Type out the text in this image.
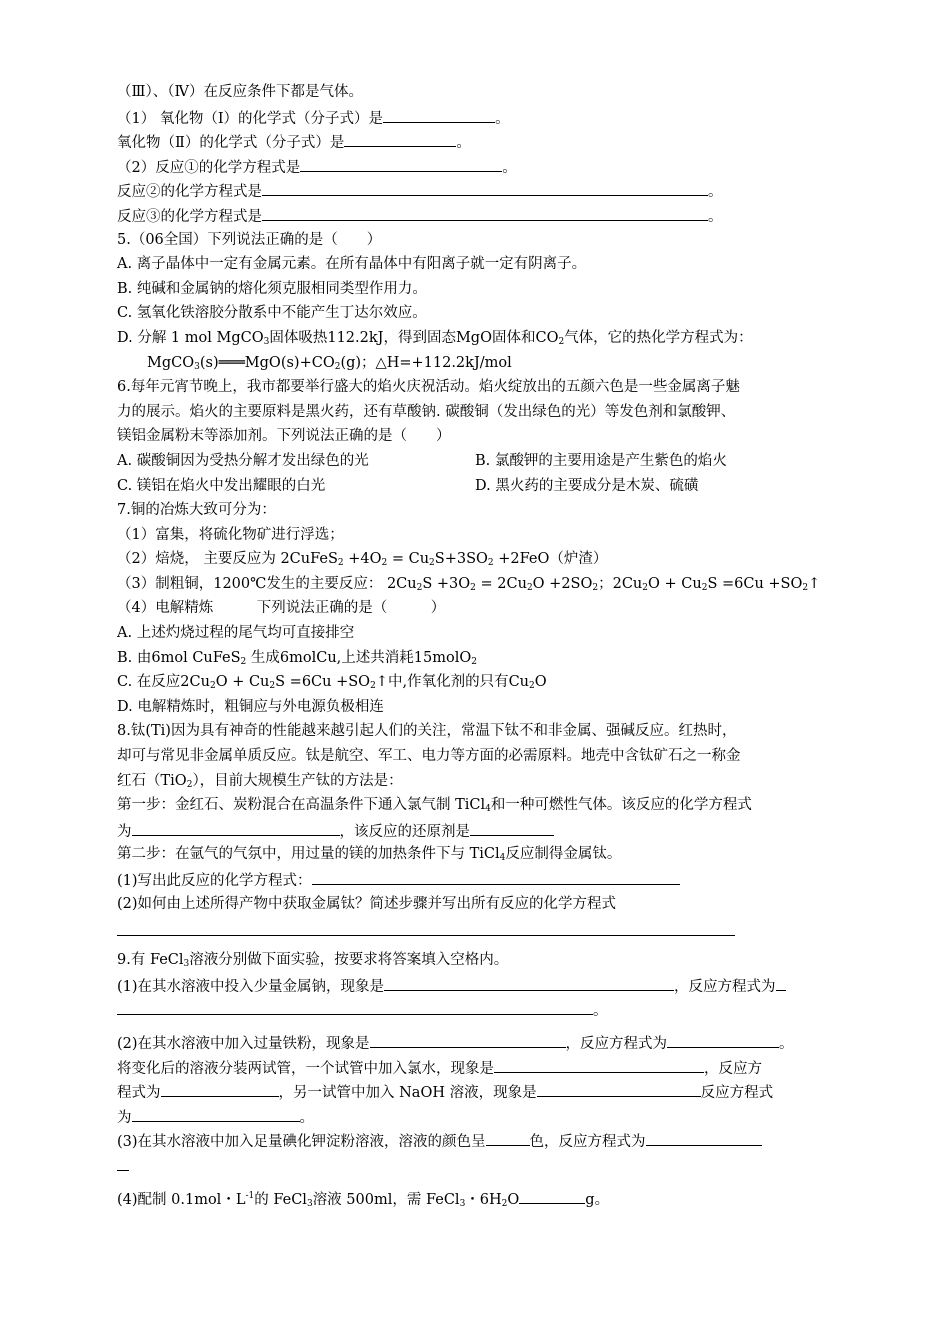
（Ⅲ）、（Ⅳ）在反应条件下都是气体。
（1） 氧化物（Ⅰ）的化学式（分子式）是	。
氧化物（Ⅱ）的化学式（分子式）是	。
（2）反应①的化学方程式是	。
反应②的化学方程式是	。
反应③的化学方程式是	。
5.（06全国）下列说法正确的是（　　）
A. 离子晶体中一定有金属元素。在所有晶体中有阳离子就一定有阴离子。
B. 纯碱和金属钠的熔化须克服相同类型作用力。
C. 氢氧化铁溶胶分散系中不能产生丁达尔效应。
D. 分解 1 mol MgCO$_3$固体吸热112.2kJ，得到固态MgO固体和$CO_2$气体，它的热化学方程式为：
$MgCO_3(s)═══MgO(s)+CO_2(g)$；△H=+112.2kJ/mol
6.每年元宵节晚上，我市都要举行盛大的焰火庆祝活动。焰火绽放出的五颜六色是一些金属离子魅
力的展示。焰火的主要原料是黑火药，还有草酸钠. 碳酸铜（发出绿色的光）等发色剂和氯酸钾、
镁铝金属粉末等添加剂。下列说法正确的是（　　）
A. 碳酸铜因为受热分解才发出绿色的光	B. 氯酸钾的主要用途是产生紫色的焰火
C. 镁铝在焰火中发出耀眼的白光	D. 黑火药的主要成分是木炭、硫磺
7.铜的冶炼大致可分为：
（1）富集，将硫化物矿进行浮选；
（2）焙烧， 主要反应为 2CuFeS$_2$ $+4O_2 = Cu_2S+3SO_2 +2FeO$（炉渣）
（3）制粗铜，1200℃发生的主要反应： $2Cu_2S +3O_2 = 2Cu_2O +2SO_2$；$2Cu_2O + Cu_2S =6Cu$ $+SO_2↑$
（4）电解精炼　　　下列说法正确的是（　　　）
A. 上述灼烧过程的尾气均可直接排空
B. 由6mol CuFeS$_2$ 生成6molCu,上述共消耗15molO$_2$
C. 在反应$2Cu_2O + Cu_2S =6Cu$ $+SO_2↑$中,作氧化剂的只有$Cu_2O$
D. 电解精炼时，粗铜应与外电源负极相连
8.钛(Ti)因为具有神奇的性能越来越引起人们的关注，常温下钛不和非金属、强碱反应。红热时，
却可与常见非金属单质反应。钛是航空、军工、电力等方面的必需原料。地壳中含钛矿石之一称金
红石（TiO$_2$），目前大规模生产钛的方法是：
第一步：金红石、炭粉混合在高温条件下通入氯气制 TiCl$_4$和一种可燃性气体。该反应的化学方程式
为	，该反应的还原剂是
第二步：在氩气的气氛中，用过量的镁的加热条件下与 TiCl$_4$反应制得金属钛。
(1)写出此反应的化学方程式：
(2)如何由上述所得产物中获取金属钛？简述步骤并写出所有反应的化学方程式
9.有 FeCl$_3$溶液分别做下面实验，按要求将答案填入空格内。
(1)在其水溶液中投入少量金属钠，现象是	，反应方程式为
。
(2)在其水溶液中加入过量铁粉，现象是	，反应方程式为	。
将变化后的溶液分装两试管，一个试管中加入氯水，现象是	，反应方
程式为	，另一试管中加入 NaOH 溶液，现象是	反应方程式
为	。
(3)在其水溶液中加入足量碘化钾淀粉溶液，溶液的颜色呈	色，反应方程式为
(4)配制 0.1mol・$L^{-1}$的 FeCl$_3$溶液 500ml，需 FeCl$_3$・$6H_2O$	g。
